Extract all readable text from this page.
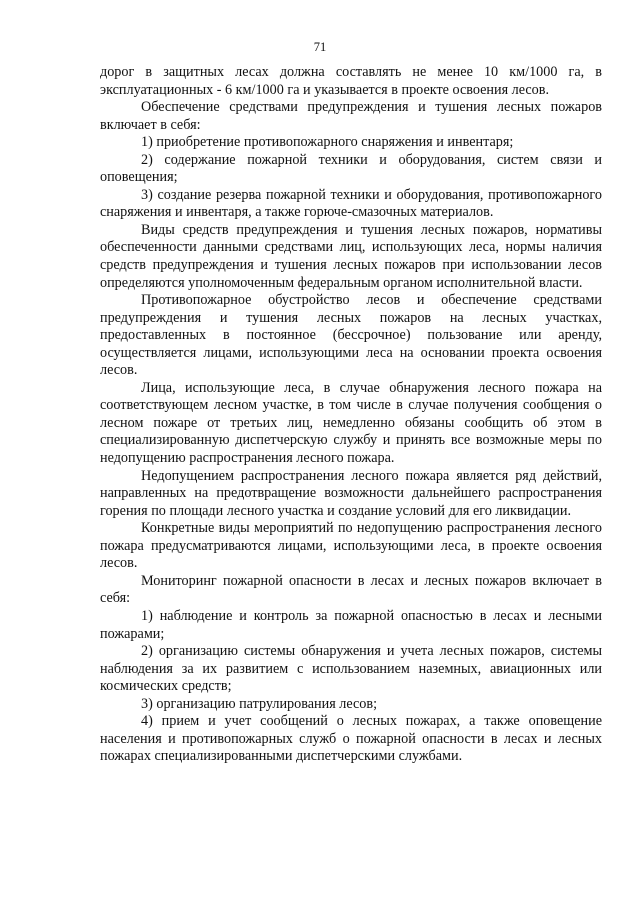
71

дорог в защитных лесах должна составлять не менее 10 км/1000 га, в эксплуатационных - 6 км/1000 га и указывается в проекте освоения лесов.

Обеспечение средствами предупреждения и тушения лесных пожаров включает в себя:

1) приобретение противопожарного снаряжения и инвентаря;

2) содержание пожарной техники и оборудования, систем связи и оповещения;

3) создание резерва пожарной техники и оборудования, противопожарного снаряжения и инвентаря, а также горюче-смазочных материалов.

Виды средств предупреждения и тушения лесных пожаров, нормативы обеспеченности данными средствами лиц, использующих леса, нормы наличия средств предупреждения и тушения лесных пожаров при использовании лесов определяются уполномоченным федеральным органом исполнительной власти.

Противопожарное обустройство лесов и обеспечение средствами предупреждения и тушения лесных пожаров на лесных участках, предоставленных в постоянное (бессрочное) пользование или аренду, осуществляется лицами, использующими леса на основании проекта освоения лесов.

Лица, использующие леса, в случае обнаружения лесного пожара на соответствующем лесном участке, в том числе в случае получения сообщения о лесном пожаре от третьих лиц, немедленно обязаны сообщить об этом в специализированную диспетчерскую службу и принять все возможные меры по недопущению распространения лесного пожара.

Недопущением распространения лесного пожара является ряд действий, направленных на предотвращение возможности дальнейшего распространения горения по площади лесного участка и создание условий для его ликвидации.

Конкретные виды мероприятий по недопущению распространения лесного пожара предусматриваются лицами, использующими леса, в проекте освоения лесов.

Мониторинг пожарной опасности в лесах и лесных пожаров включает в себя:

1) наблюдение и контроль за пожарной опасностью в лесах и лесными пожарами;

2) организацию системы обнаружения и учета лесных пожаров, системы наблюдения за их развитием с использованием наземных, авиационных или космических средств;

3) организацию патрулирования лесов;

4) прием и учет сообщений о лесных пожарах, а также оповещение населения и противопожарных служб о пожарной опасности в лесах и лесных пожарах специализированными диспетчерскими службами.
